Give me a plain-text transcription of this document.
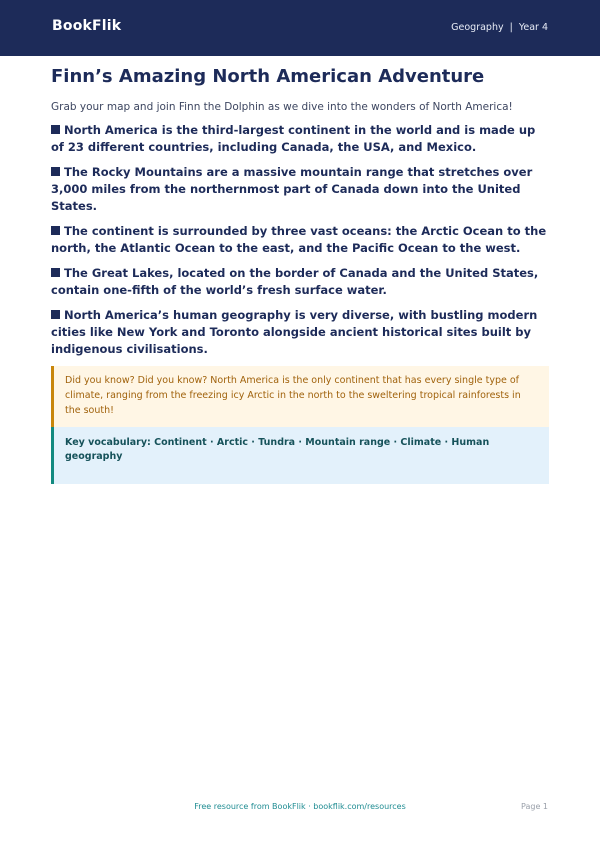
BookFlik	Geography | Year 4
Finn’s Amazing North American Adventure

Grab your map and join Finn the Dolphin as we dive into the wonders of North America!

North America is the third-largest continent in the world and is made up of 23 different countries, including Canada, the USA, and Mexico.
The Rocky Mountains are a massive mountain range that stretches over 3,000 miles from the northernmost part of Canada down into the United States.
The continent is surrounded by three vast oceans: the Arctic Ocean to the north, the Atlantic Ocean to the east, and the Pacific Ocean to the west.
The Great Lakes, located on the border of Canada and the United States, contain one-fifth of the world’s fresh surface water.
North America’s human geography is very diverse, with bustling modern cities like New York and Toronto alongside ancient historical sites built by indigenous civilisations.
Did you know? Did you know? North America is the only continent that has every single type of climate, ranging from the freezing icy Arctic in the north to the sweltering tropical rainforests in the south!
Key vocabulary: Continent · Arctic · Tundra · Mountain range · Climate · Human geography
Free resource from BookFlik · bookflik.com/resources	Page 1
